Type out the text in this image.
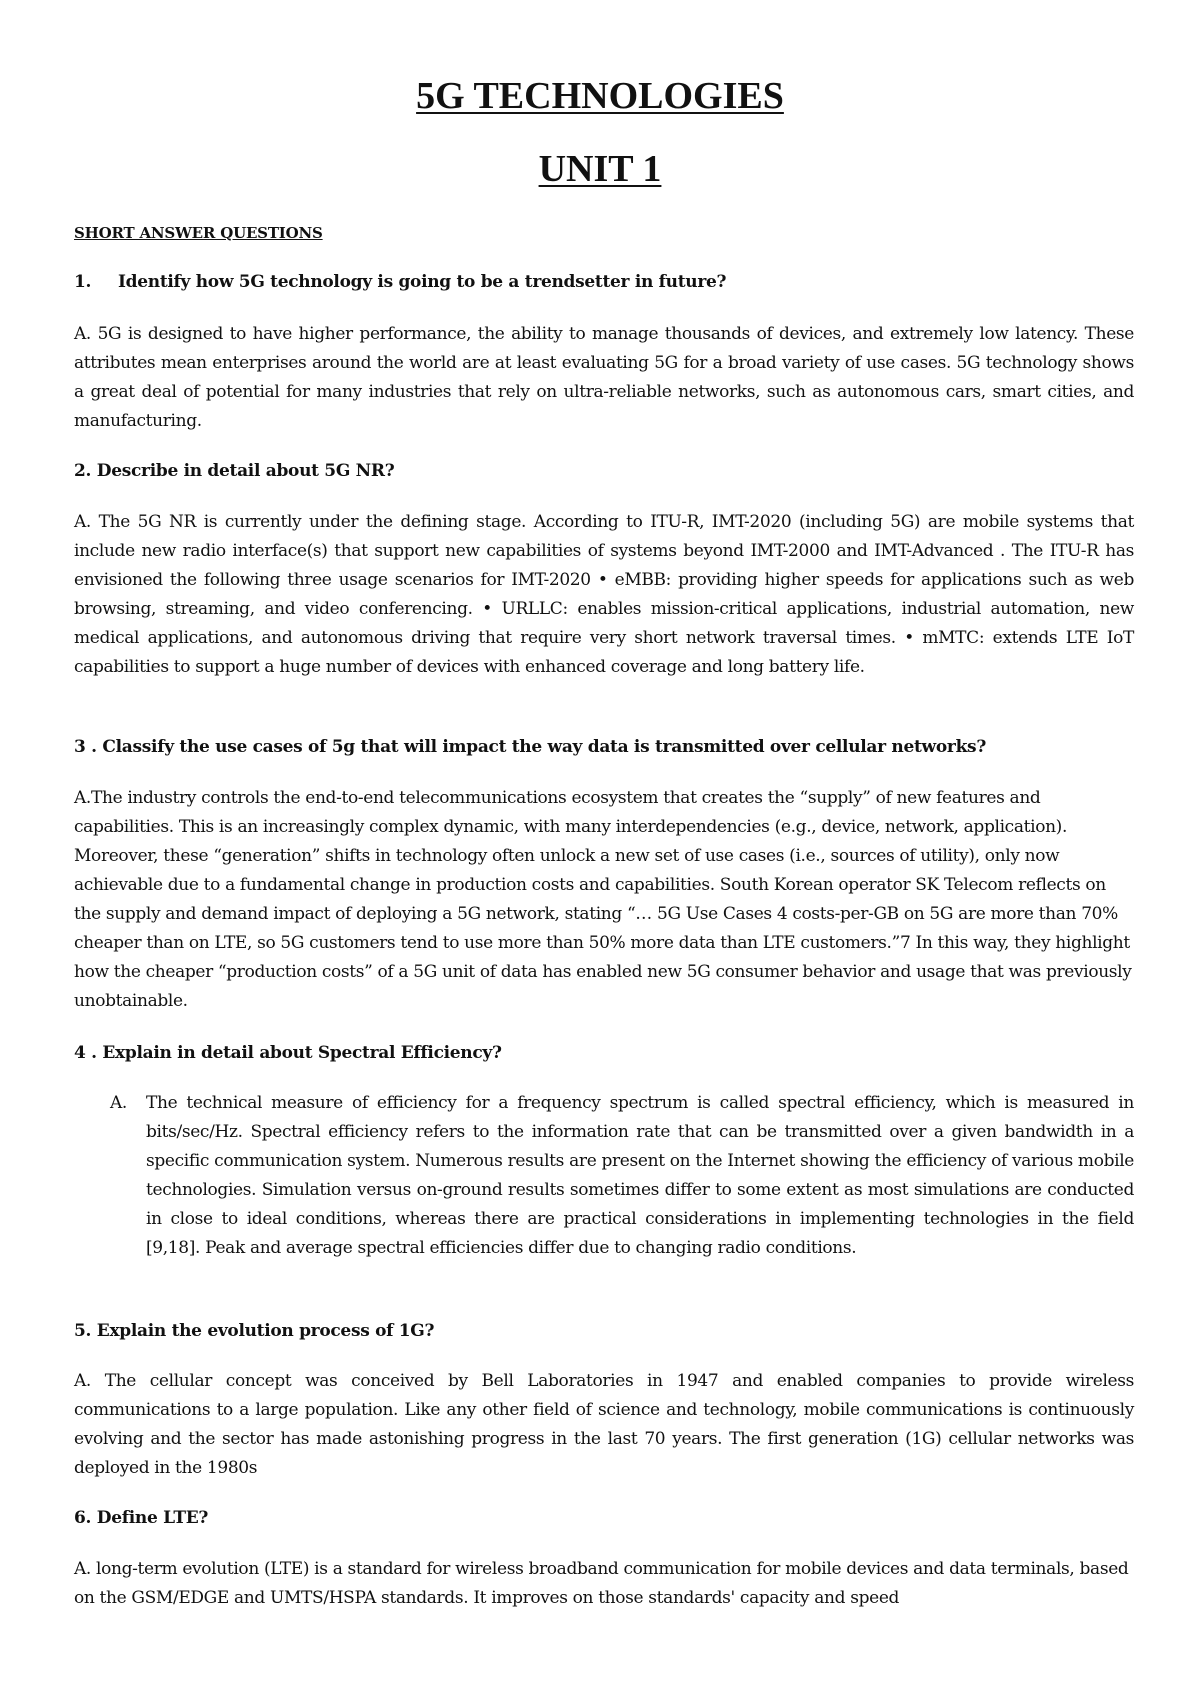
5G TECHNOLOGIES
UNIT 1

SHORT ANSWER QUESTIONS

1. Identify how 5G technology is going to be a trendsetter in future?

A. 5G is designed to have higher performance, the ability to manage thousands of devices, and extremely low latency. These attributes mean enterprises around the world are at least evaluating 5G for a broad variety of use cases. 5G technology shows a great deal of potential for many industries that rely on ultra-reliable networks, such as autonomous cars, smart cities, and manufacturing.

2. Describe in detail about 5G NR?

A. The 5G NR is currently under the defining stage. According to ITU-R, IMT-2020 (including 5G) are mobile systems that include new radio interface(s) that support new capabilities of systems beyond IMT-2000 and IMT-Advanced . The ITU-R has envisioned the following three usage scenarios for IMT-2020 • eMBB: providing higher speeds for applications such as web browsing, streaming, and video conferencing. • URLLC: enables mission-critical applications, industrial automation, new medical applications, and autonomous driving that require very short network traversal times. • mMTC: extends LTE IoT capabilities to support a huge number of devices with enhanced coverage and long battery life.

3 . Classify the use cases of 5g that will impact the way data is transmitted over cellular networks?

A.The industry controls the end-to-end telecommunications ecosystem that creates the “supply” of new features and capabilities. This is an increasingly complex dynamic, with many interdependencies (e.g., device, network, application). Moreover, these “generation” shifts in technology often unlock a new set of use cases (i.e., sources of utility), only now achievable due to a fundamental change in production costs and capabilities. South Korean operator SK Telecom reflects on the supply and demand impact of deploying a 5G network, stating “… 5G Use Cases 4 costs-per-GB on 5G are more than 70% cheaper than on LTE, so 5G customers tend to use more than 50% more data than LTE customers.”7 In this way, they highlight how the cheaper “production costs” of a 5G unit of data has enabled new 5G consumer behavior and usage that was previously unobtainable.

4 . Explain in detail about Spectral Efficiency?

A. The technical measure of efficiency for a frequency spectrum is called spectral efficiency, which is measured in bits/sec/Hz. Spectral efficiency refers to the information rate that can be transmitted over a given bandwidth in a specific communication system. Numerous results are present on the Internet showing the efficiency of various mobile technologies. Simulation versus on-ground results sometimes differ to some extent as most simulations are conducted in close to ideal conditions, whereas there are practical considerations in implementing technologies in the field [9,18]. Peak and average spectral efficiencies differ due to changing radio conditions.

5. Explain the evolution process of 1G?

A. The cellular concept was conceived by Bell Laboratories in 1947 and enabled companies to provide wireless communications to a large population. Like any other field of science and technology, mobile communications is continuously evolving and the sector has made astonishing progress in the last 70 years. The first generation (1G) cellular networks was deployed in the 1980s

6. Define LTE?

A. long-term evolution (LTE) is a standard for wireless broadband communication for mobile devices and data terminals, based on the GSM/EDGE and UMTS/HSPA standards. It improves on those standards' capacity and speed
